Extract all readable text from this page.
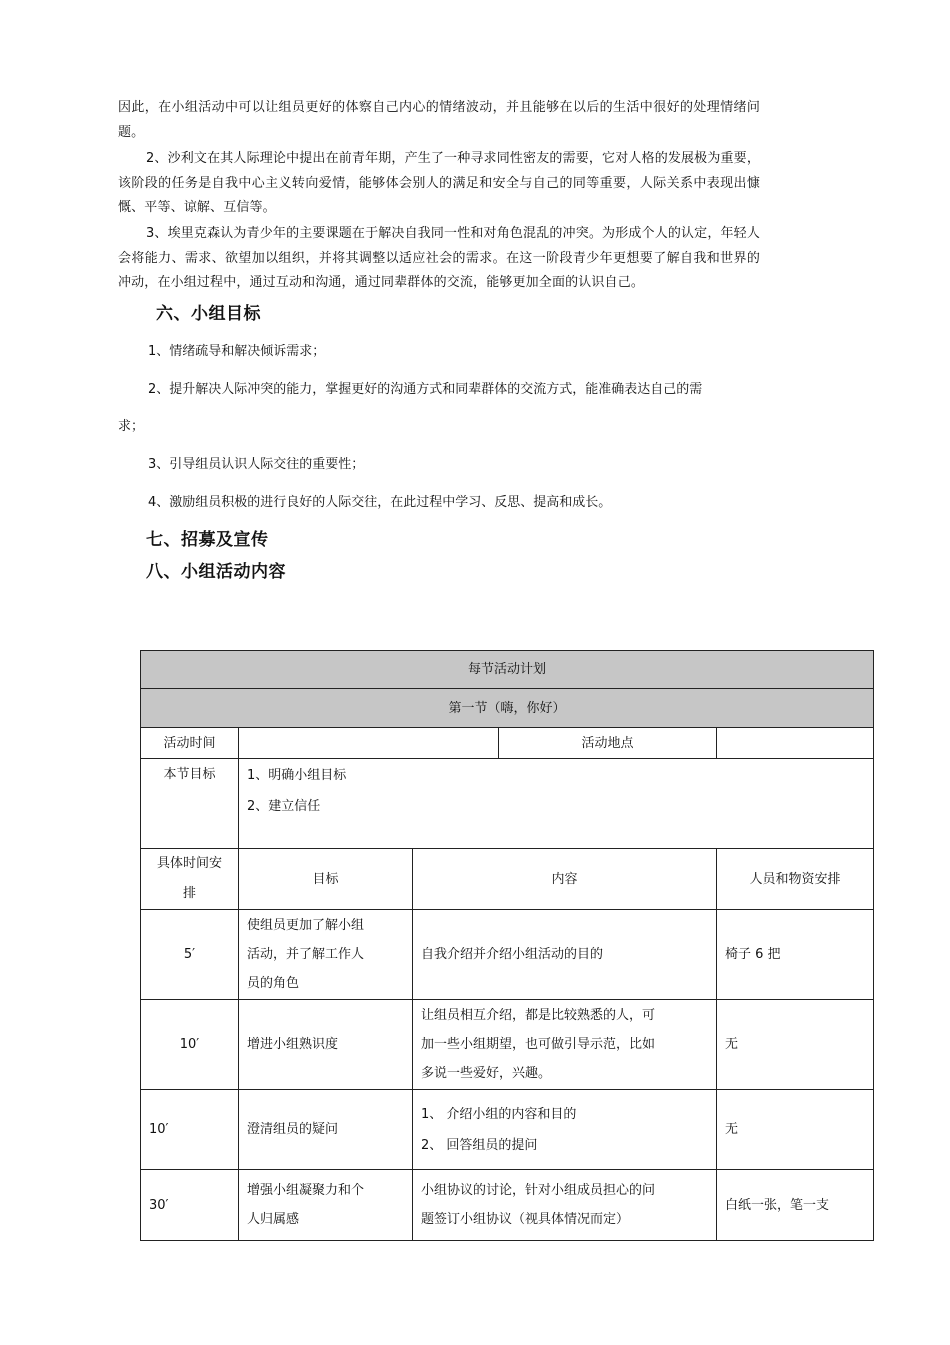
因此，在小组活动中可以让组员更好的体察自己内心的情绪波动，并且能够在以后的生活中很好的处理情绪问题。

2、沙利文在其人际理论中提出在前青年期，产生了一种寻求同性密友的需要，它对人格的发展极为重要，该阶段的任务是自我中心主义转向爱情，能够体会别人的满足和安全与自己的同等重要，人际关系中表现出慷慨、平等、谅解、互信等。

3、埃里克森认为青少年的主要课题在于解决自我同一性和对角色混乱的冲突。为形成个人的认定，年轻人会将能力、需求、欲望加以组织，并将其调整以适应社会的需求。在这一阶段青少年更想要了解自我和世界的冲动，在小组过程中，通过互动和沟通，通过同辈群体的交流，能够更加全面的认识自己。

六、小组目标

1、情绪疏导和解决倾诉需求；

2、提升解决人际冲突的能力，掌握更好的沟通方式和同辈群体的交流方式，能准确表达自己的需

求；

3、引导组员认识人际交往的重要性；

4、激励组员积极的进行良好的人际交往，在此过程中学习、反思、提高和成长。

七、招募及宣传
八、小组活动内容
每节活动计划				
第一节（嗨，你好）				
活动时间			活动地点	
本节目标	1、明确小组目标
2、建立信任			

具体时间安
排	目标	内容		人员和物资安排
5′	使组员更加了解小组
活动，并了解工作人
员的角色	自我介绍并介绍小组活动的目的		椅子 6 把
10′	增进小组熟识度	让组员相互介绍，都是比较熟悉的人，可
加一些小组期望，也可做引导示范，比如
多说一些爱好，兴趣。		无
10′	澄清组员的疑问	1、 介绍小组的内容和目的
2、 回答组员的提问		无
30′	增强小组凝聚力和个
人归属感	小组协议的讨论，针对小组成员担心的问
题签订小组协议（视具体情况而定）		白纸一张，笔一支
